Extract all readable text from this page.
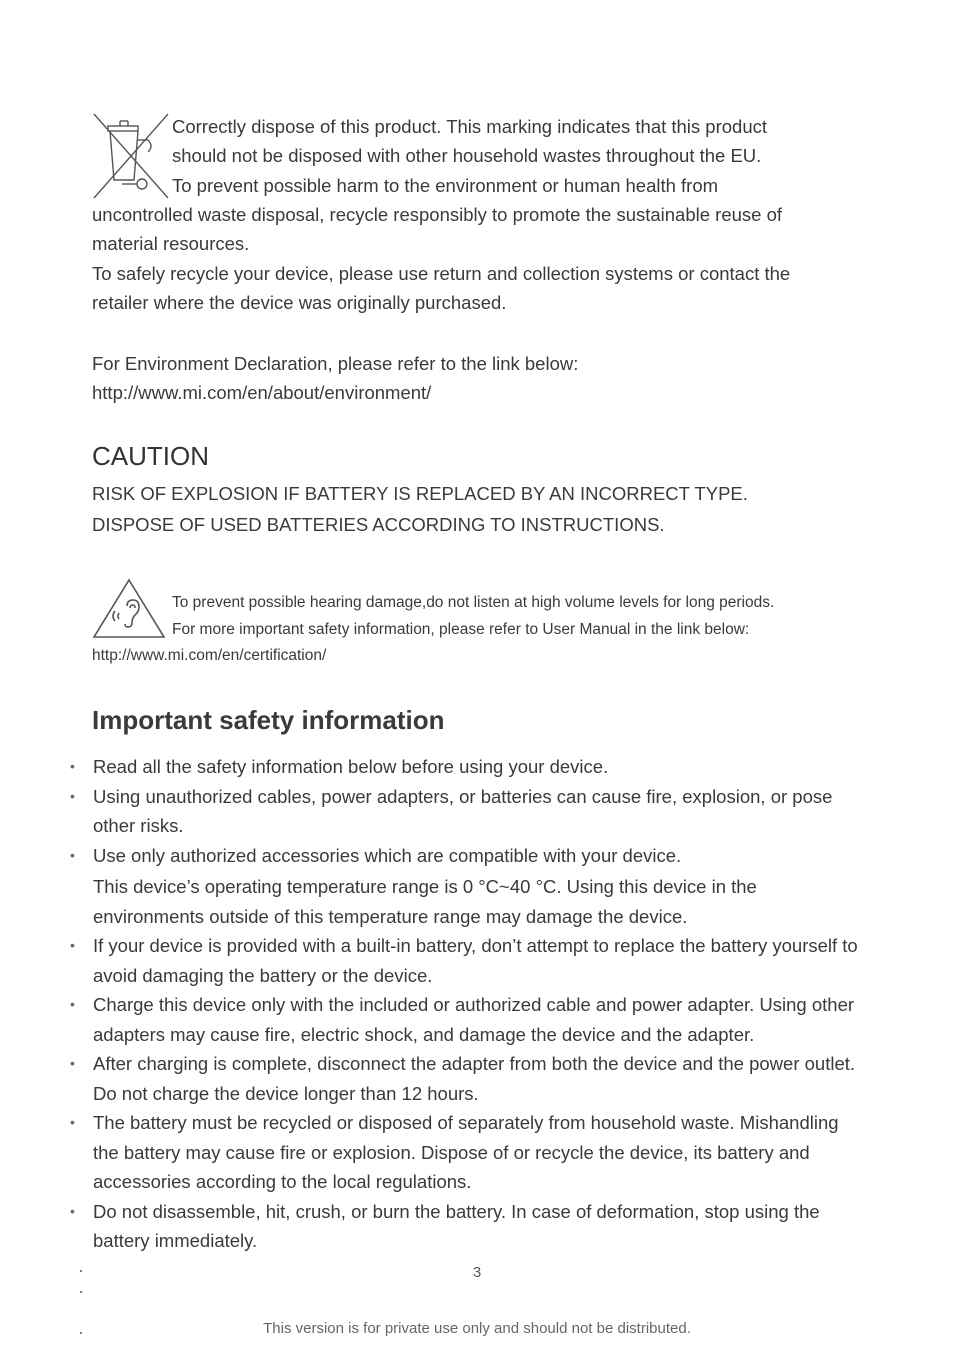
Correctly dispose of this product. This marking indicates that this product
should not be disposed with other household wastes throughout the EU.
To prevent possible harm to the environment or human health from
uncontrolled waste disposal, recycle responsibly to promote the sustainable reuse of
material resources.
To safely recycle your device, please use return and collection systems or contact the
retailer where the device was originally purchased.
For Environment Declaration, please refer to the link below:
http://www.mi.com/en/about/environment/
CAUTION
RISK OF EXPLOSION IF BATTERY IS REPLACED BY AN INCORRECT TYPE.
DISPOSE OF USED BATTERIES ACCORDING TO INSTRUCTIONS.
To prevent possible hearing damage,do not listen at high volume levels for long periods.
For more important safety information, please refer to User Manual in the link below:
http://www.mi.com/en/certification/
Important safety information
• Read all the safety information below before using your device.
• Using unauthorized cables, power adapters, or batteries can cause fire, explosion, or pose other risks.
• Use only authorized accessories which are compatible with your device.
This device’s operating temperature range is 0 °C~40 °C. Using this device in the environments outside of this temperature range may damage the device.
• If your device is provided with a built-in battery, don’t attempt to replace the battery yourself to avoid damaging the battery or the device.
• Charge this device only with the included or authorized cable and power adapter. Using other adapters may cause fire, electric shock, and damage the device and the adapter.
• After charging is complete, disconnect the adapter from both the device and the power outlet. Do not charge the device longer than 12 hours.
• The battery must be recycled or disposed of separately from household waste. Mishandling the battery may cause fire or explosion. Dispose of or recycle the device, its battery and accessories according to the local regulations.
• Do not disassemble, hit, crush, or burn the battery. In case of deformation, stop using the battery immediately.
3
This version is for private use only and should not be distributed.
